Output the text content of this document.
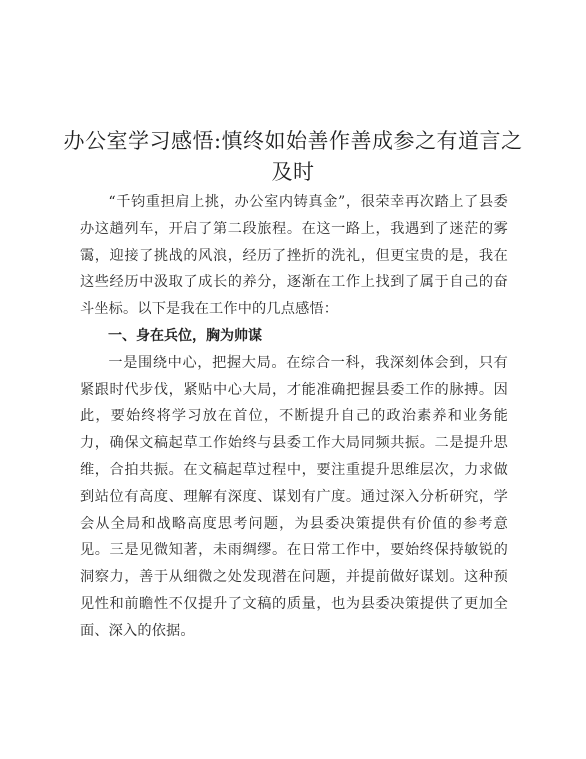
办公室学习感悟:慎终如始善作善成参之有道言之及时

“千钧重担肩上挑，办公室内铸真金”，很荣幸再次踏上了县委办这趟列车，开启了第二段旅程。在这一路上，我遇到了迷茫的雾霭，迎接了挑战的风浪，经历了挫折的洗礼，但更宝贵的是，我在这些经历中汲取了成长的养分，逐渐在工作上找到了属于自己的奋斗坐标。以下是我在工作中的几点感悟：

一、身在兵位，胸为帅谋

一是围绕中心，把握大局。在综合一科，我深刻体会到，只有紧跟时代步伐，紧贴中心大局，才能准确把握县委工作的脉搏。因此，要始终将学习放在首位，不断提升自己的政治素养和业务能力，确保文稿起草工作始终与县委工作大局同频共振。二是提升思维，合拍共振。在文稿起草过程中，要注重提升思维层次，力求做到站位有高度、理解有深度、谋划有广度。通过深入分析研究，学会从全局和战略高度思考问题，为县委决策提供有价值的参考意见。三是见微知著，未雨绸缪。在日常工作中，要始终保持敏锐的洞察力，善于从细微之处发现潜在问题，并提前做好谋划。这种预见性和前瞻性不仅提升了文稿的质量，也为县委决策提供了更加全面、深入的依据。
